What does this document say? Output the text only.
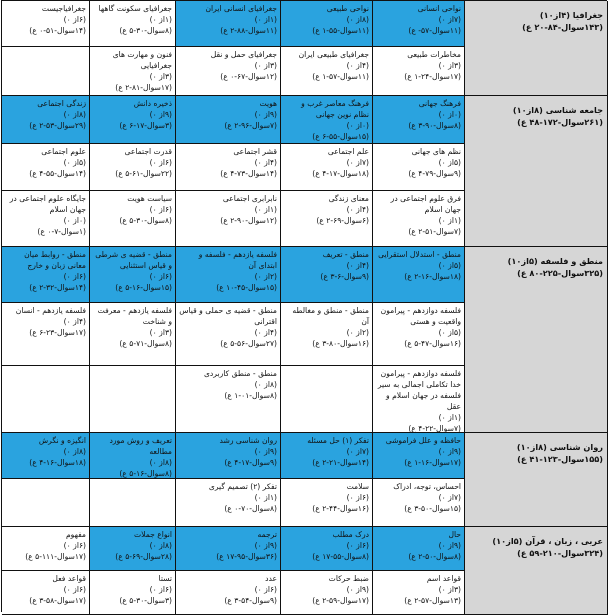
جغرافیاجیست
(۶از ۰)
(۱۴سوال-۵۱-۰ ع)
جغرافیای سکونت گاهها
(۱از ۰)
(۸سوال-۳۰-۵ ع)
جغرافیای انسانی ایران
(۱از ۰)
(۱۱سوال-۸۸-۲ ع)
نواحی طبیعی
(۸از ۰)
(۱۱سوال-۵۵-۱ ع)
نواحی انسانی
(۷از ۰)
(۱۱سوال-۵۷- ع)
فنون و مهارت های جغرافیایی
(۳از ۰)
(۱۷سوال-۸۱-۲ ع)
جغرافیای حمل و نقل
(۳از ۰)
(۱۲سوال-۶۷-۰ ع)
جغرافیای طبیعی ایران
(۴از ۰)
(۱۱سوال-۵۷-۱ ع)
مخاطرات طبیعی
(۳از ۰)
(۱۷سوال-۲۴-۱ ع)
جغرافیا (۴از۱۰)
(۱۴۳سوال-۸۴-۲۰ ع)
زندگی اجتماعی
(۸از ۰)
(۲۹سوال-۵۳-۲ ع)
ذخیره دانش
(۹از ۰)
(۳سوال-۱۷-۶ ع)
هویت
(۹از ۰)
(۷سوال-۹۶-۲ ع)
فرهنگ معاصر غرب و نظام نوین جهانی
(۰از ۰)
(۱۵سوال-۵۵-۶ ع)
فرهنگ جهانی
(۰از ۰)
(۸سوال-۹۰-۳ ع)
علوم اجتماعی
(۵از ۰)
(۱۴سوال-۵۵-۴ ع)
قدرت اجتماعی
(۶از ۰)
(۲۲سوال-۶۱-۵ ع)
قشر اجتماعی
(۴از ۰)
(۱۴سوال-۷۳-۴ ع)
علم اجتماعی
(۷از ۰)
(۱۸سوال-۱۷-۴ ع)
نظم های جهانی
(۵از ۰)
(۹سوال-۷۹-۴ ع)
جایگاه علوم اجتماعی در جهان اسلام
(۰از ۰)
(۱سوال-۷-۰ ع)
سیاست هویت
(۶از ۰)
(۸سوال-۳۰-۵ ع)
نابرابری اجتماعی
(۱از ۰)
(۱۲سوال-۹۰-۲ ع)
معنای زندگی
(۴از ۰)
(۶سوال-۶۹-۲ ع)
فرق علوم اجتماعی در جهان اسلام
(۱از ۰)
(۷سوال-۵۱-۲ ع)
جامعه شناسی (۸از۱۰)
(۲۶۱سوال-۱۷۲-۴۸ ع)
منطق - روابط میان معانی زبان و خارج
(۶از ۰)
(۱۴سوال-۳۲-۲ ع)
منطق - قضیه ی شرطی و قیاس استثنایی
(۶از ۰)
(۱۵سوال-۱۶-۵ ع)
فلسفه یازدهم - فلسفه و ابتدای آن
(۲از ۰)
(۱۵سوال-۴۵-۱۰ ع)
منطق - تعریف
(۴از ۰)
(۹سوال-۶-۳ ع)
منطق - استدلال استقرایی
(۵از ۰)
(۱۸سوال-۱۶-۲ ع)
فلسفه یازدهم - انسان
(۴از ۰)
(۱۷سوال-۲۳-۶ ع)
فلسفه یازدهم - معرفت و شناخت
(۳از ۰)
(۸سوال-۷۱-۵ ع)
منطق - قضیه ی حملی و قیاس اقترانی
(۴از ۰)
(۲۷سوال-۵۶-۵ ع)
منطق - منطق و مغالطه آن
(۲از ۰)
(۱۶سوال-۸۰-۳ ع)
فلسفه دوازدهم - پیرامون واقعیت و هستی
(۵از ۰)
(۱۶سوال-۴۷-۵ ع)
منطق - منطق کاربردی
(۸از ۰)
(۸سوال-۰۱-۱ ع)
فلسفه دوازدهم - پیرامون خدا تکاملی اجمالی به سیر فلسفه در جهان اسلام و عقل
(۱از ۰)
(۷سوال-۲۲-۴ ع)
منطق و فلسفه (۵از۱۰)
(۳۲۵سوال-۲۲۵-۸۰ ع)
انگیزه و نگرش
(۸از ۰)
(۱۸سوال-۱۶-۴ ع)
تعریف و روش مورد مطالعه
(۸از ۰)
(۸سوال-۱۶-۵ ع)
روان شناسی رشد
(۹از ۰)
(۹سوال-۱۷-۴ ع)
تفکر (۱) حل مسئله
(۷از ۰)
(۱۴سوال-۲۱-۲ ع)
حافظه و علل فراموشی
(۹از ۰)
(۱۷سوال-۱۶-۱ ع)
تفکر (۲) تصمیم گیری
(۱از ۰)
(۸سوال-۷۰-۰ ع)
سلامت
(۶از ۰)
(۱۶سوال-۴۴-۲ ع)
احساس، توجه، ادراک
(۷از ۰)
(۱۵سوال-۵۰-۳ ع)
روان شناسی (۸از۱۰)
(۱۵۵سوال-۱۲۳-۴۱ ع)
مفهوم
(۶از ۰)
(۱۷سوال-۱۱۱-۵ ع)
انواع جملات
(۸از ۰)
(۲۸سوال-۶۹-۵ ع)
ترجمه
(۹از ۰)
(۳۶سوال-۹۵-۱۷ ع)
درک مطلب
(۶از ۰)
(۸سوال-۵۵-۱۷ ع)
حال
(۹از ۰)
(۸سوال-۵۰-۲ ع)
قواعد فعل
(۶از ۰)
(۱۷سوال-۵۸-۳ ع)
تستا
(۶از ۰)
(۳سوال-۳۰-۵ ع)
عدد
(۶از ۰)
(۹سوال-۵۴-۳ ع)
ضبط حرکات
(۹از ۰)
(۱۷سوال-۵۹-۲ ع)
قواعد اسم
(۳از ۰)
(۱۳سوال-۵۷-۲ ع)
عربی ، زبان ، قرآن (۵از۱۰)
(۳۲۴سوال-۲۱۰-۵۹ ع)
